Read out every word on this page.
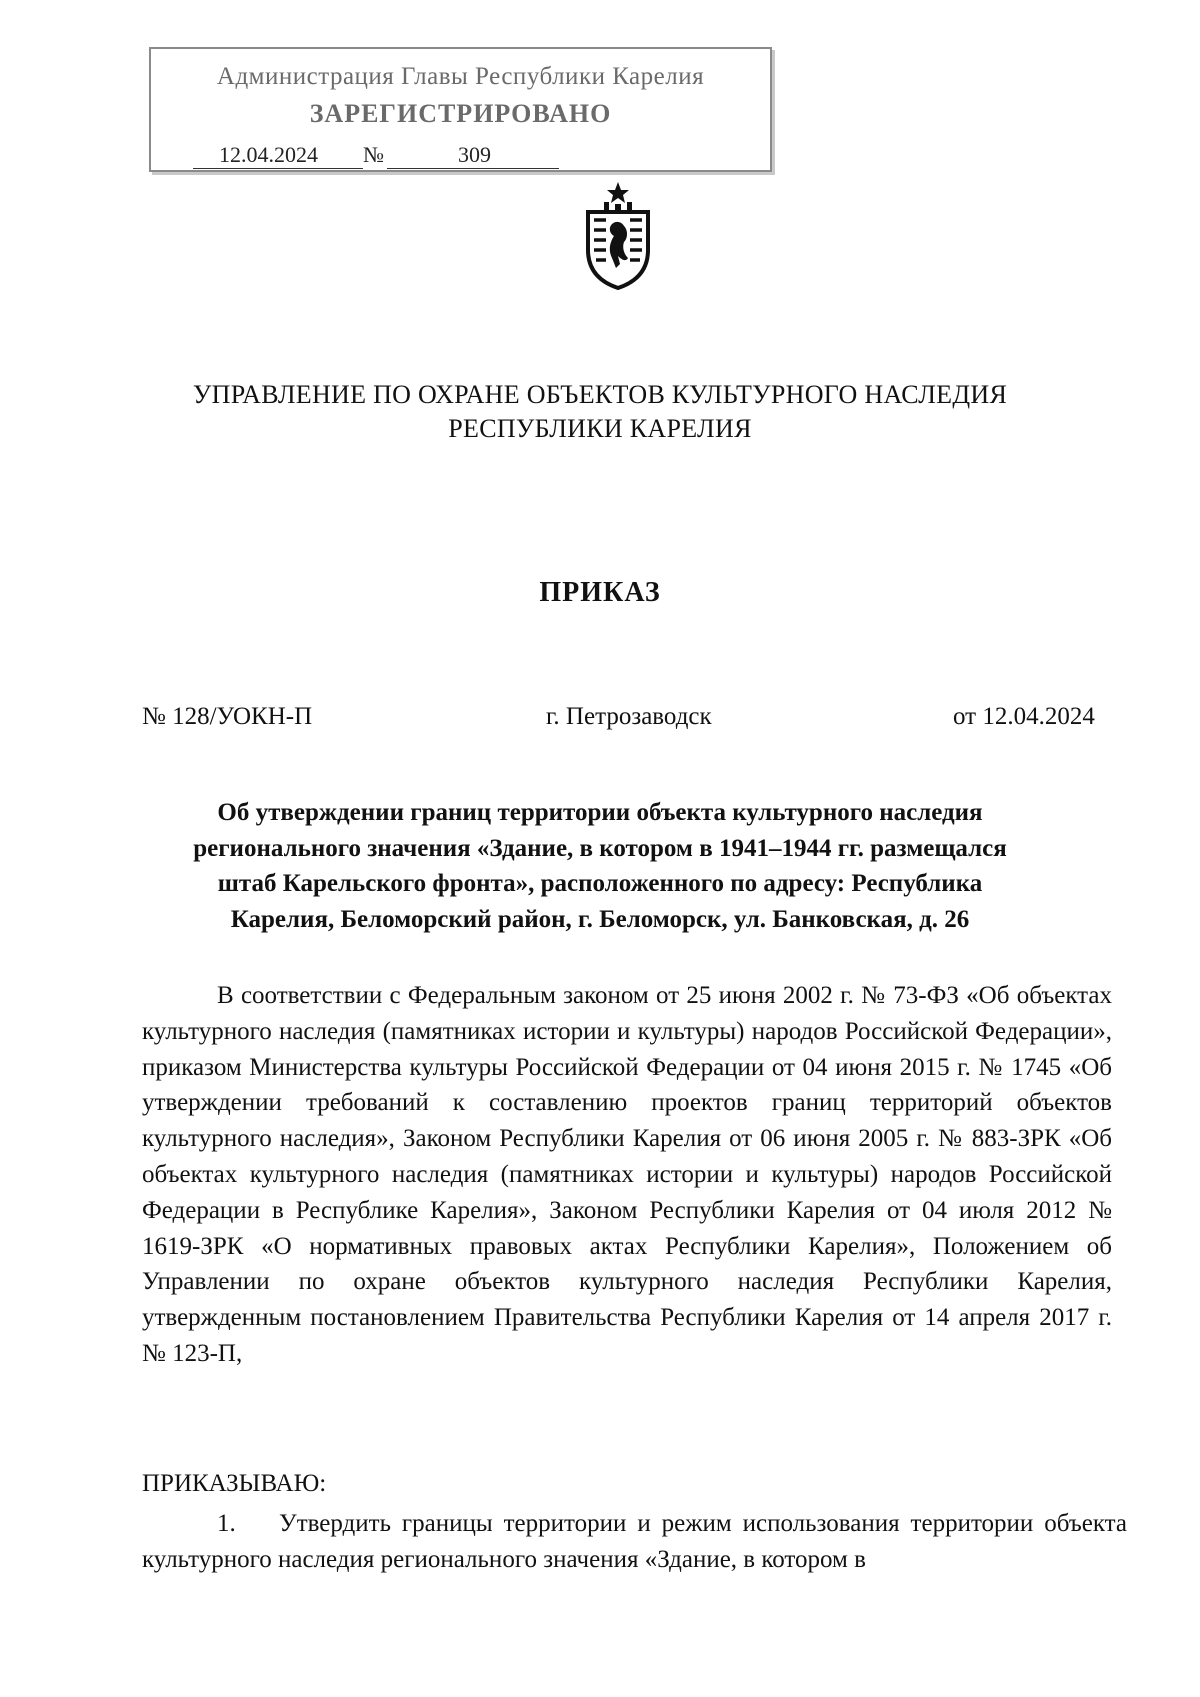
Администрация Главы Республики Карелия
ЗАРЕГИСТРИРОВАНО
12.04.2024 №	309
УПРАВЛЕНИЕ ПО ОХРАНЕ ОБЪЕКТОВ КУЛЬТУРНОГО НАСЛЕДИЯ
РЕСПУБЛИКИ КАРЕЛИЯ
ПРИКАЗ
№ 128/УОКН-П	г. Петрозаводск	от 12.04.2024
Об утверждении границ территории объекта культурного наследия
регионального значения «Здание, в котором в 1941–1944 гг. размещался
штаб Карельского фронта», расположенного по адресу: Республика
Карелия, Беломорский район, г. Беломорск, ул. Банковская, д. 26

В соответствии с Федеральным законом от 25 июня 2002 г. № 73-ФЗ «Об объектах культурного наследия (памятниках истории и культуры) народов Российской Федерации», приказом Министерства культуры Российской Федерации от 04 июня 2015 г. № 1745 «Об утверждении требований к составлению проектов границ территорий объектов культурного наследия», Законом Республики Карелия от 06 июня 2005 г. № 883-ЗРК «Об объектах культурного наследия (памятниках истории и культуры) народов Российской Федерации в Республике Карелия», Законом Республики Карелия от 04 июля 2012 № 1619-ЗРК «О нормативных правовых актах Республики Карелия», Положением об Управлении по охране объектов культурного наследия Республики Карелия, утвержденным постановлением Правительства Республики Карелия от 14 апреля 2017 г. № 123-П,

ПРИКАЗЫВАЮ:
1. Утвердить границы территории и режим использования территории объекта культурного наследия регионального значения «Здание, в котором в
